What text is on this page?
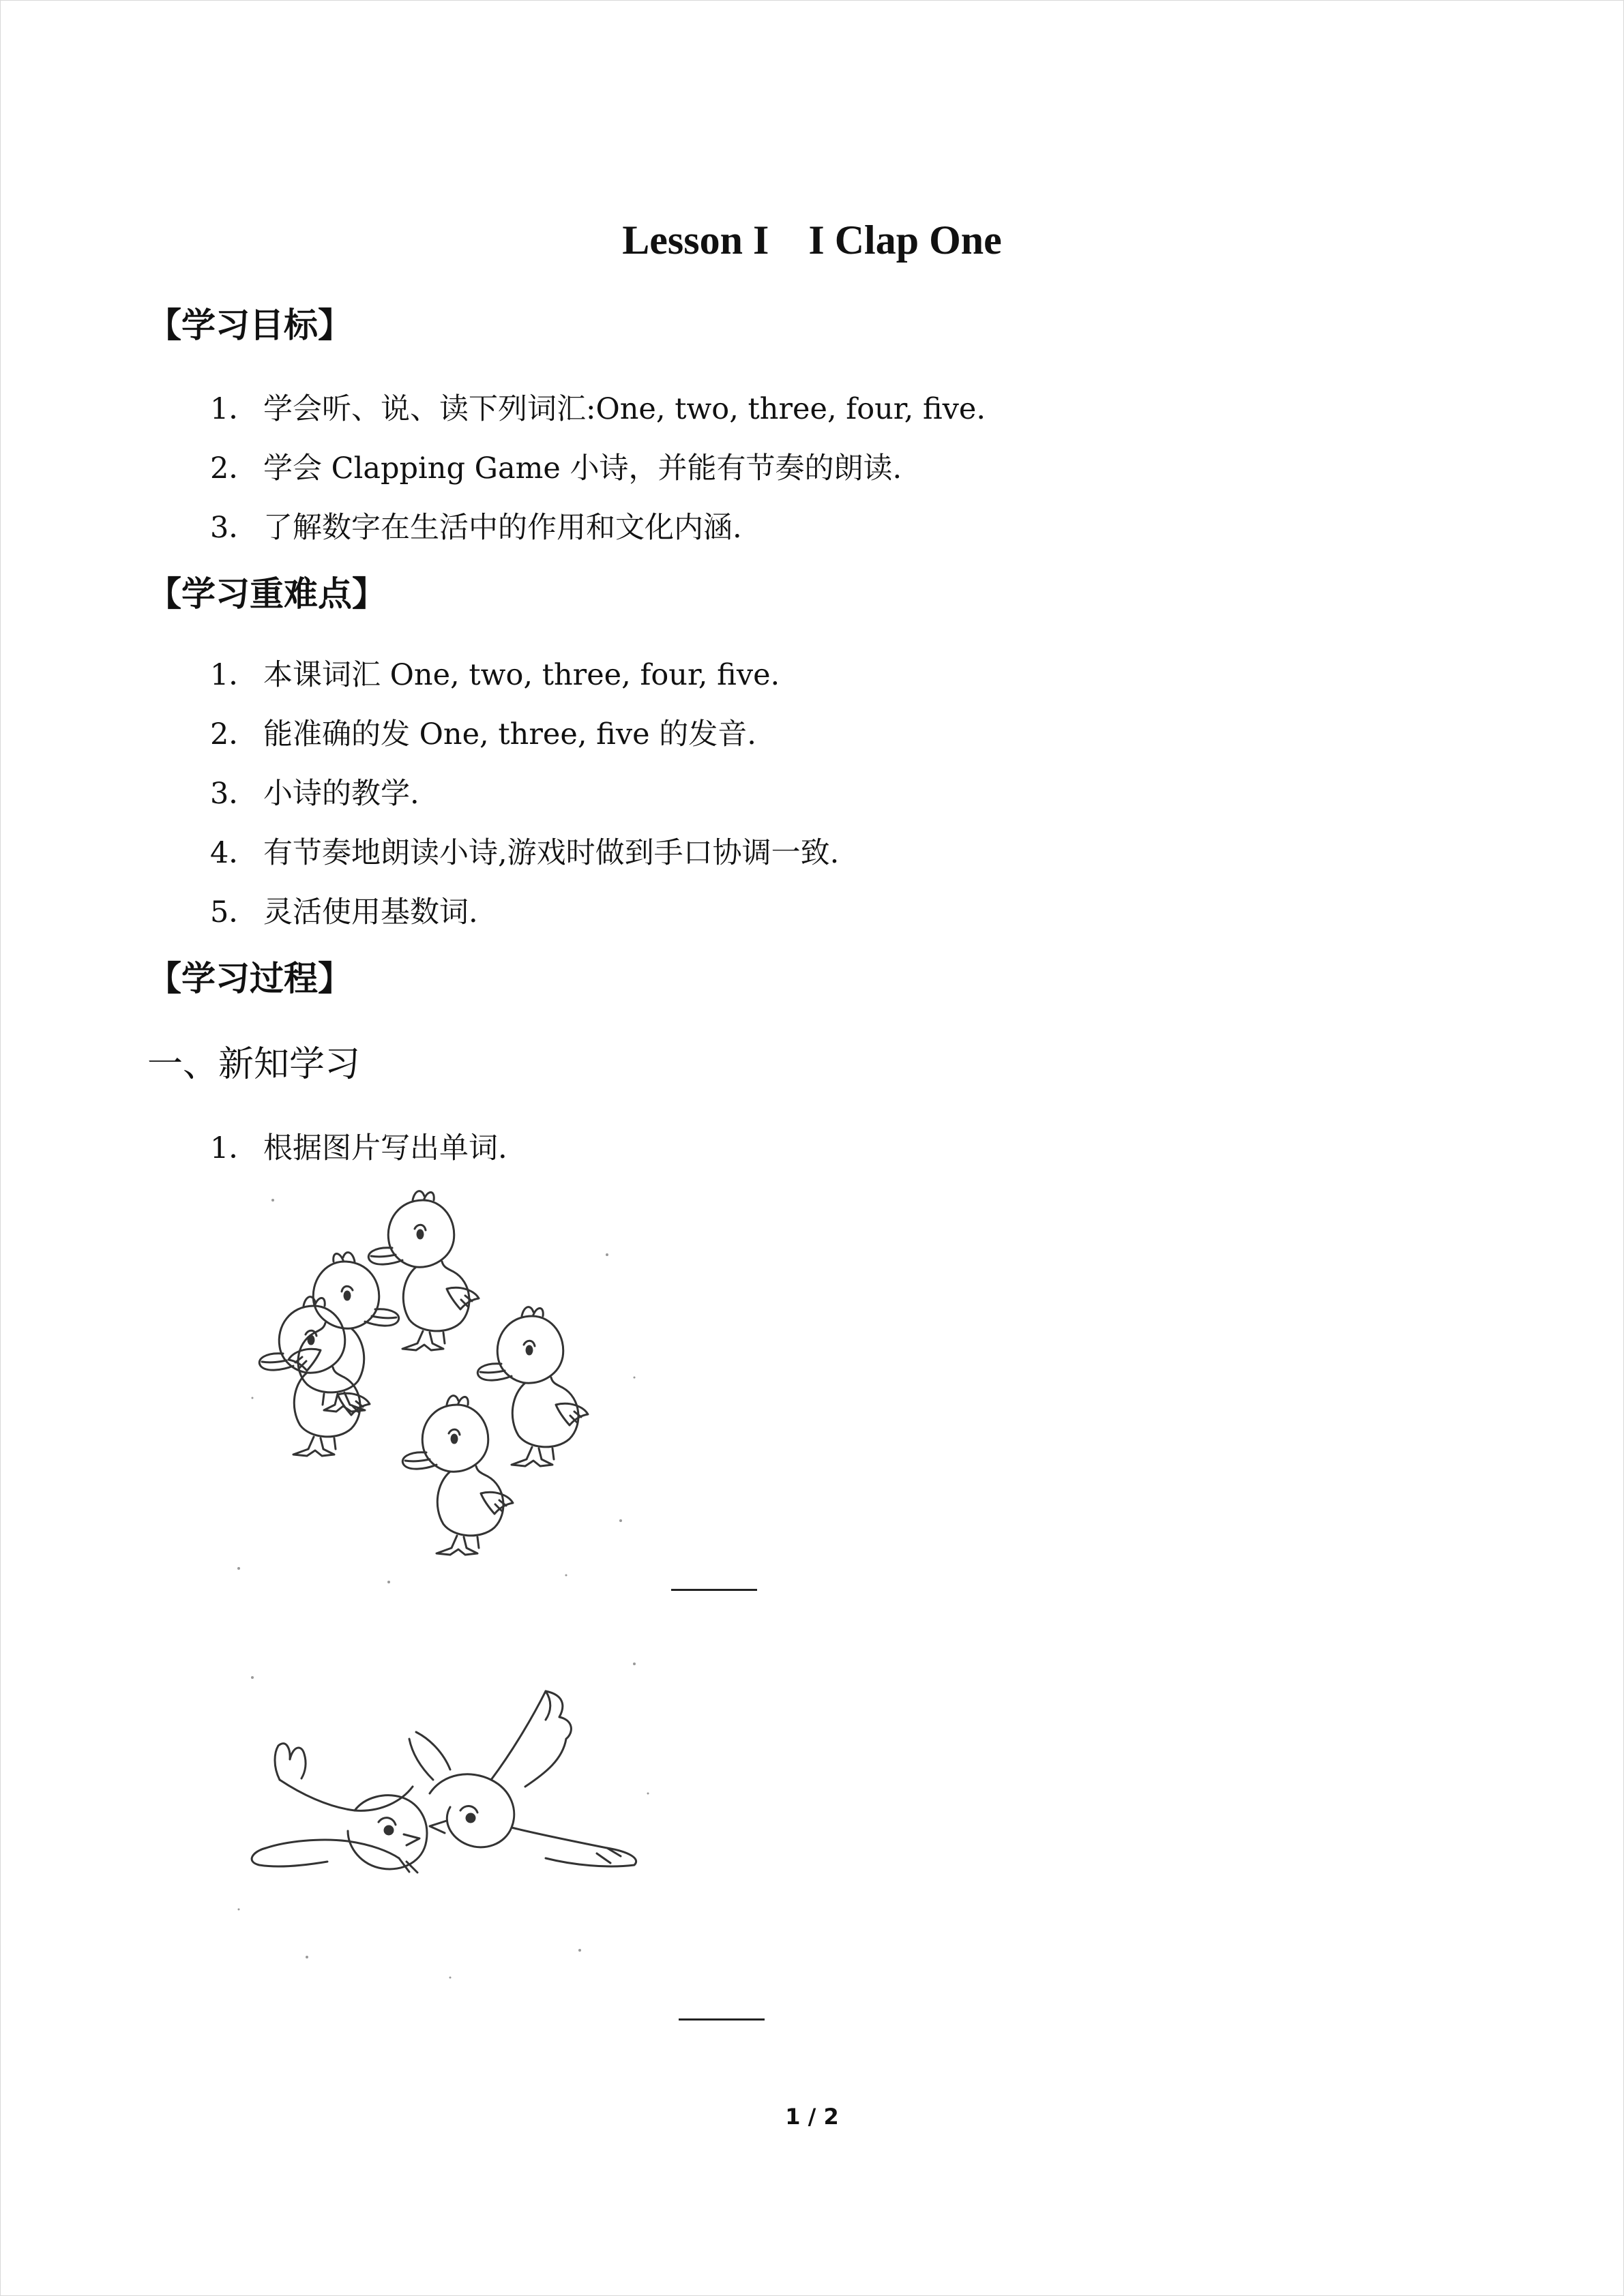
Lesson I I Clap One
【学习目标】
1． 学会听、说、读下列词汇:One, two, three, four, five.
2． 学会 Clapping Game 小诗，并能有节奏的朗读.
3． 了解数字在生活中的作用和文化内涵.
【学习重难点】
1． 本课词汇 One, two, three, four, five.
2． 能准确的发 One, three, five 的发音.
3． 小诗的教学.
4． 有节奏地朗读小诗,游戏时做到手口协调一致.
5． 灵活使用基数词.
【学习过程】
一、新知学习
1． 根据图片写出单词.
1 / 2
